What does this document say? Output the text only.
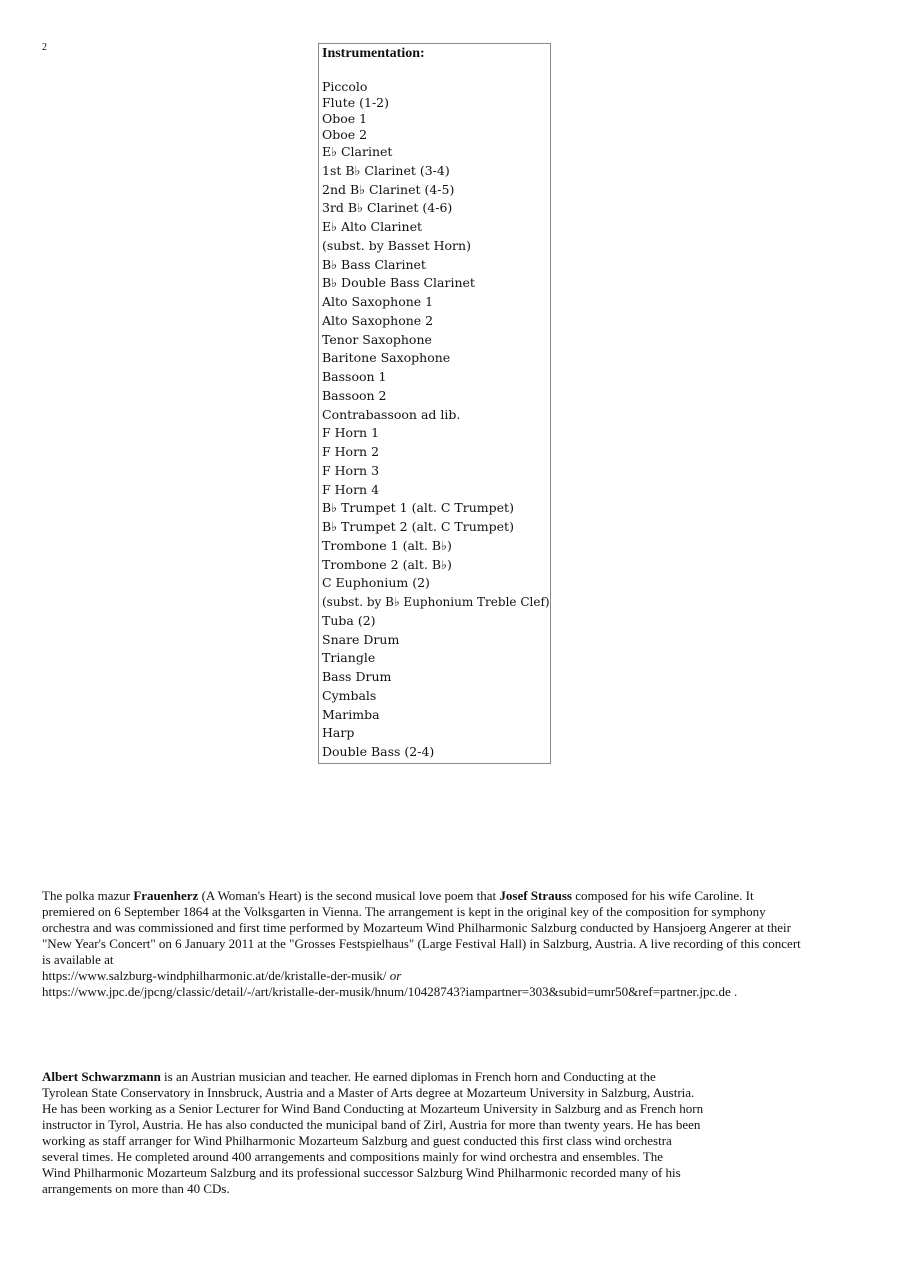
2	Instrumentation:
Piccolo
Flute (1-2)
Oboe 1
Oboe 2
E♭ Clarinet
1st B♭ Clarinet (3-4)
2nd B♭ Clarinet (4-5)
3rd B♭ Clarinet (4-6)
E♭ Alto Clarinet
(subst. by Basset Horn)
B♭ Bass Clarinet
B♭ Double Bass Clarinet
Alto Saxophone 1
Alto Saxophone 2
Tenor Saxophone
Baritone Saxophone
Bassoon 1
Bassoon 2
Contrabassoon ad lib.
F Horn 1
F Horn 2
F Horn 3
F Horn 4
B♭ Trumpet 1 (alt. C Trumpet)
B♭ Trumpet 2 (alt. C Trumpet)
Trombone 1 (alt. B♭)
Trombone 2 (alt. B♭)
C Euphonium (2)
(subst. by B♭ Euphonium Treble Clef)
Tuba (2)
Snare Drum
Triangle
Bass Drum
Cymbals
Marimba
Harp
Double Bass (2-4)
The polka mazur Frauenherz (A Woman's Heart) is the second musical love poem that Josef Strauss composed for his wife Caroline. It
premiered on 6 September 1864 at the Volksgarten in Vienna. The arrangement is kept in the original key of the composition for symphony
orchestra and was commissioned and first time performed by Mozarteum Wind Philharmonic Salzburg conducted by Hansjoerg Angerer at their
"New Year's Concert" on 6 January 2011 at the "Grosses Festspielhaus" (Large Festival Hall) in Salzburg, Austria. A live recording of this concert
is available at
https://www.salzburg-windphilharmonic.at/de/kristalle-der-musik/ or
https://www.jpc.de/jpcng/classic/detail/-/art/kristalle-der-musik/hnum/10428743?iampartner=303&subid=umr50&ref=partner.jpc.de .
Albert Schwarzmann is an Austrian musician and teacher. He earned diplomas in French horn and Conducting at the
Tyrolean State Conservatory in Innsbruck, Austria and a Master of Arts degree at Mozarteum University in Salzburg, Austria.
He has been working as a Senior Lecturer for Wind Band Conducting at Mozarteum University in Salzburg and as French horn
instructor in Tyrol, Austria. He has also conducted the municipal band of Zirl, Austria for more than twenty years. He has been
working as staff arranger for Wind Philharmonic Mozarteum Salzburg and guest conducted this first class wind orchestra
several times. He completed around 400 arrangements and compositions mainly for wind orchestra and ensembles. The
Wind Philharmonic Mozarteum Salzburg and its professional successor Salzburg Wind Philharmonic recorded many of his
arrangements on more than 40 CDs.
